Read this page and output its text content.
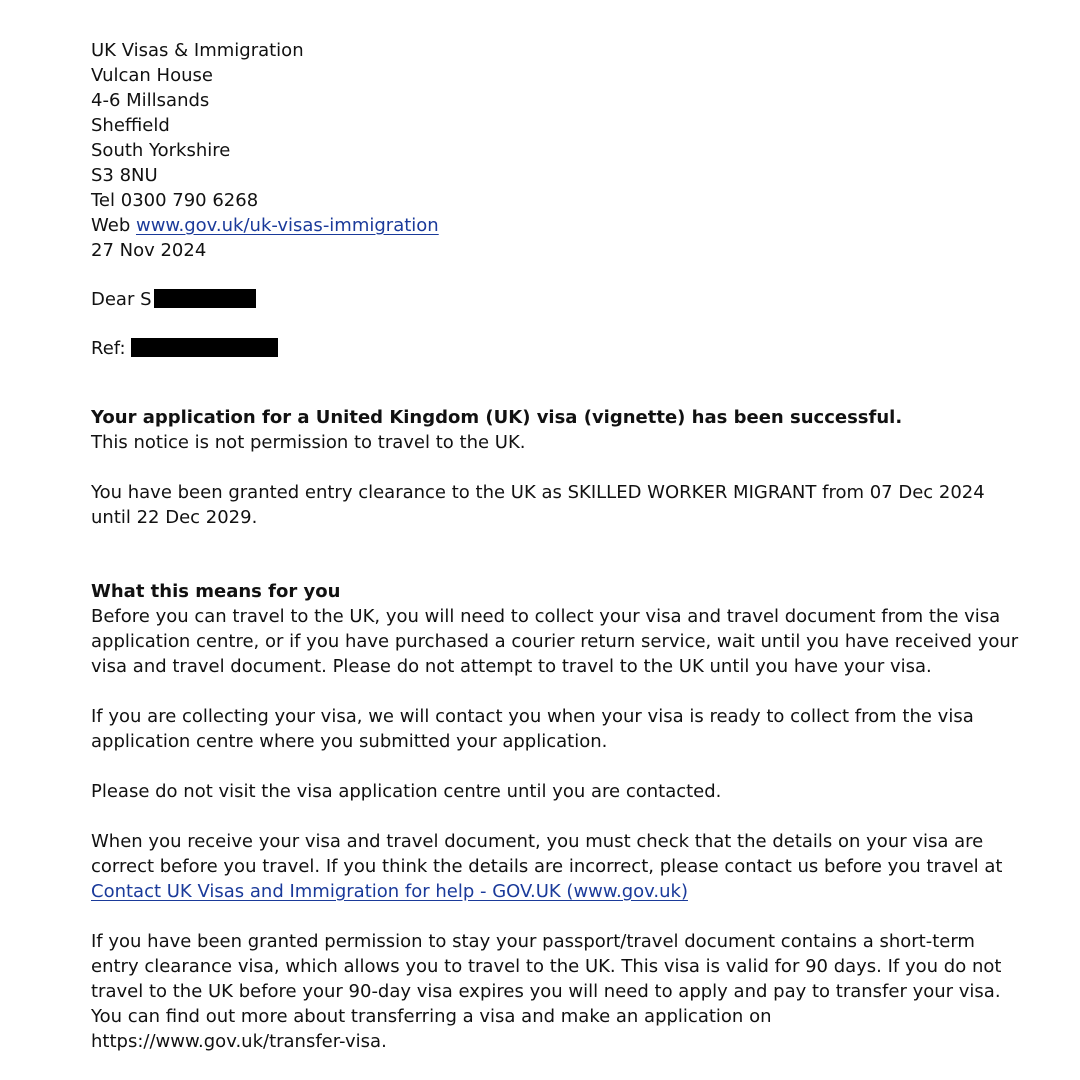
UK Visas & Immigration
Vulcan House
4-6 Millsands
Sheffield
South Yorkshire
S3 8NU
Tel 0300 790 6268
Web www.gov.uk/uk-visas-immigration
27 Nov 2024
Dear S
Ref:
Your application for a United Kingdom (UK) visa (vignette) has been successful.
This notice is not permission to travel to the UK.
You have been granted entry clearance to the UK as SKILLED WORKER MIGRANT from 07 Dec 2024
until 22 Dec 2029.
What this means for you
Before you can travel to the UK, you will need to collect your visa and travel document from the visa
application centre, or if you have purchased a courier return service, wait until you have received your
visa and travel document. Please do not attempt to travel to the UK until you have your visa.
If you are collecting your visa, we will contact you when your visa is ready to collect from the visa
application centre where you submitted your application.
Please do not visit the visa application centre until you are contacted.
When you receive your visa and travel document, you must check that the details on your visa are
correct before you travel. If you think the details are incorrect, please contact us before you travel at
Contact UK Visas and Immigration for help - GOV.UK (www.gov.uk)
If you have been granted permission to stay your passport/travel document contains a short-term
entry clearance visa, which allows you to travel to the UK. This visa is valid for 90 days. If you do not
travel to the UK before your 90-day visa expires you will need to apply and pay to transfer your visa.
You can find out more about transferring a visa and make an application on
https://www.gov.uk/transfer-visa.
